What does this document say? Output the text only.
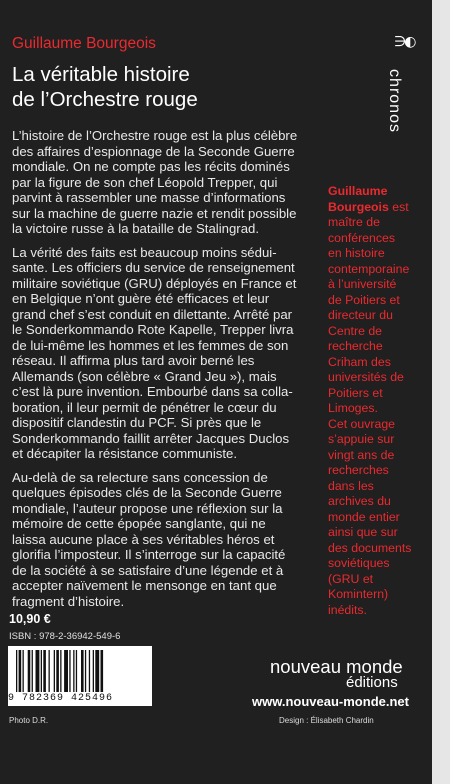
Guillaume Bourgeois
La véritable histoire
de l’Orchestre rouge
∋◐
chronos

L’histoire de l’Orchestre rouge est la plus célèbre
des affaires d’espionnage de la Seconde Guerre
mondiale. On ne compte pas les récits dominés
par la figure de son chef Léopold Trepper, qui
parvint à rassembler une masse d’informations
sur la machine de guerre nazie et rendit possible
la victoire russe à la bataille de Stalingrad.

La vérité des faits est beaucoup moins sédui-
sante. Les officiers du service de renseignement
militaire soviétique (GRU) déployés en France et
en Belgique n’ont guère été efficaces et leur
grand chef s’est conduit en dilettante. Arrêté par
le Sonderkommando Rote Kapelle, Trepper livra
de lui-même les hommes et les femmes de son
réseau. Il affirma plus tard avoir berné les
Allemands (son célèbre « Grand Jeu »), mais
c’est là pure invention. Embourbé dans sa colla-
boration, il leur permit de pénétrer le cœur du
dispositif clandestin du PCF. Si près que le
Sonderkommando faillit arrêter Jacques Duclos
et décapiter la résistance communiste.

Au-delà de sa relecture sans concession de
quelques épisodes clés de la Seconde Guerre
mondiale, l’auteur propose une réflexion sur la
mémoire de cette épopée sanglante, qui ne
laissa aucune place à ses véritables héros et
glorifia l’imposteur. Il s’interroge sur la capacité
de la société à se satisfaire d’une légende et à
accepter naïvement le mensonge en tant que
fragment d’histoire.

Guillaume
Bourgeois est
maître de
conférences
en histoire
contemporaine
à l’université
de Poitiers et
directeur du
Centre de
recherche
Criham des
universités de
Poitiers et
Limoges.
Cet ouvrage
s’appuie sur
vingt ans de
recherches
dans les
archives du
monde entier
ainsi que sur
des documents
soviétiques
(GRU et
Komintern)
inédits.
10,90 €
ISBN : 978-2-36942-549-6
9 782369 425496
nouveau monde
éditions
www.nouveau-monde.net
Photo D.R.	Design : Élisabeth Chardin
